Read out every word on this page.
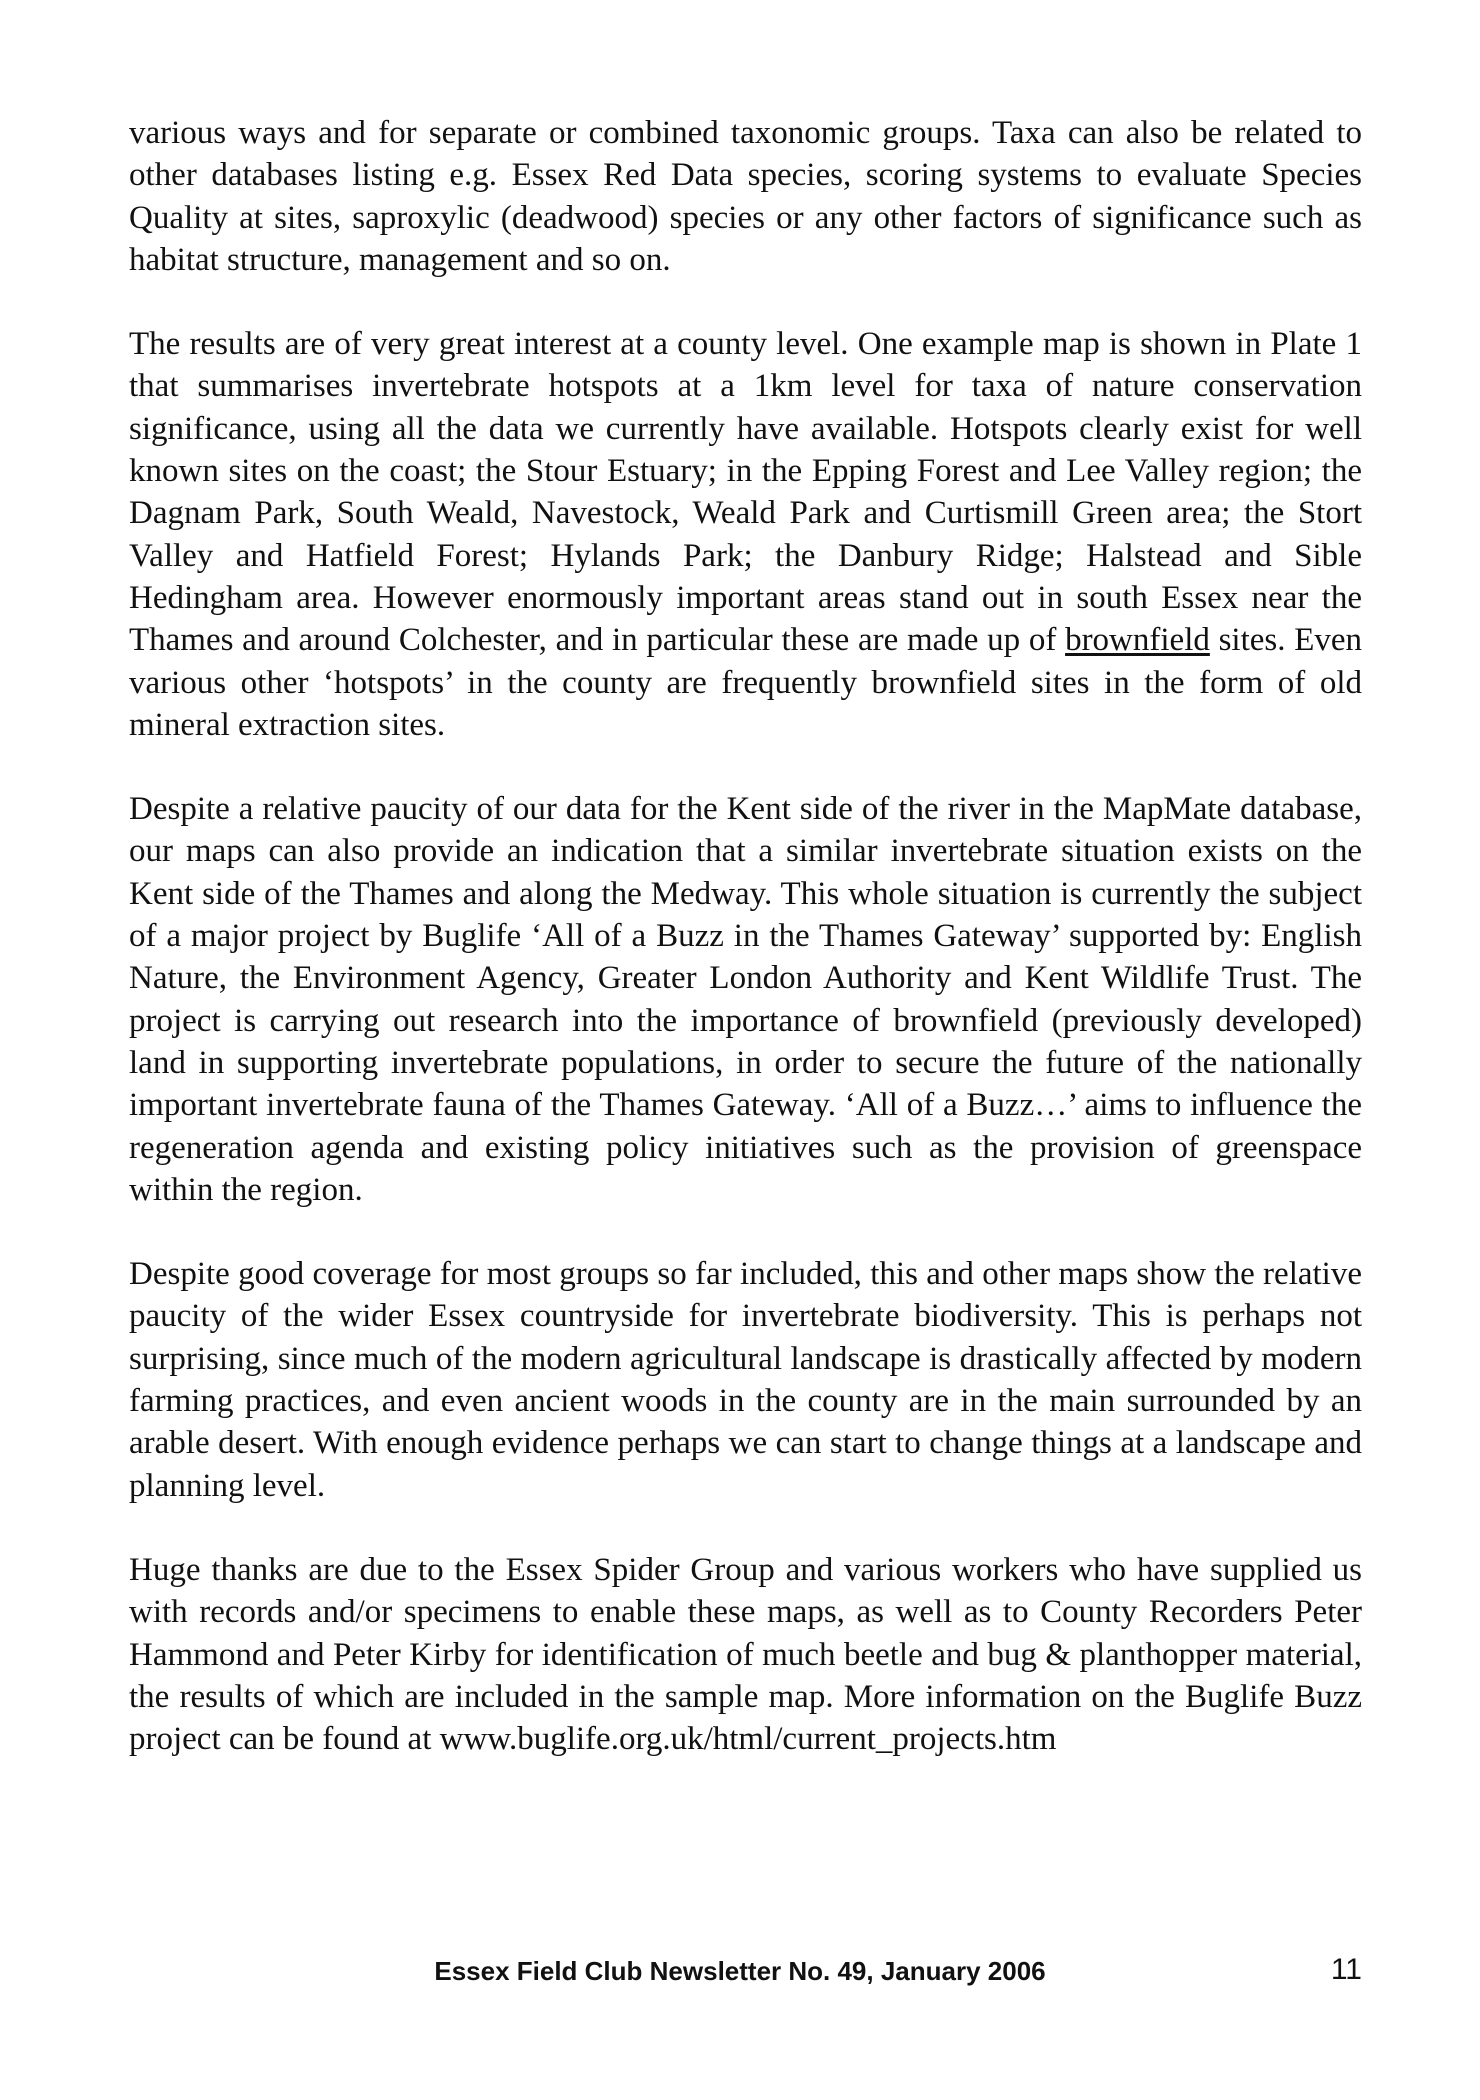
various ways and for separate or combined taxonomic groups. Taxa can also be related to other databases listing e.g. Essex Red Data species, scoring systems to evaluate Species Quality at sites, saproxylic (deadwood) species or any other factors of significance such as habitat structure, management and so on.

The results are of very great interest at a county level. One example map is shown in Plate 1 that summarises invertebrate hotspots at a 1km level for taxa of nature conservation significance, using all the data we currently have available. Hotspots clearly exist for well known sites on the coast; the Stour Estuary; in the Epping Forest and Lee Valley region; the Dagnam Park, South Weald, Navestock, Weald Park and Curtismill Green area; the Stort Valley and Hatfield Forest; Hylands Park; the Danbury Ridge; Halstead and Sible Hedingham area. However enormously important areas stand out in south Essex near the Thames and around Colchester, and in particular these are made up of brownfield sites. Even various other ‘hotspots’ in the county are frequently brownfield sites in the form of old mineral extraction sites.

Despite a relative paucity of our data for the Kent side of the river in the MapMate database, our maps can also provide an indication that a similar invertebrate situation exists on the Kent side of the Thames and along the Medway. This whole situation is currently the subject of a major project by Buglife ‘All of a Buzz in the Thames Gateway’ supported by: English Nature, the Environment Agency, Greater London Authority and Kent Wildlife Trust. The project is carrying out research into the importance of brownfield (previously developed) land in supporting invertebrate populations, in order to secure the future of the nationally important invertebrate fauna of the Thames Gateway. ‘All of a Buzz…’ aims to influence the regeneration agenda and existing policy initiatives such as the provision of greenspace within the region.

Despite good coverage for most groups so far included, this and other maps show the relative paucity of the wider Essex countryside for invertebrate biodiversity. This is perhaps not surprising, since much of the modern agricultural landscape is drastically affected by modern farming practices, and even ancient woods in the county are in the main surrounded by an arable desert. With enough evidence perhaps we can start to change things at a landscape and planning level.

Huge thanks are due to the Essex Spider Group and various workers who have supplied us with records and/or specimens to enable these maps, as well as to County Recorders Peter Hammond and Peter Kirby for identification of much beetle and bug & planthopper material, the results of which are included in the sample map. More information on the Buglife Buzz project can be found at www.buglife.org.uk/html/current_projects.htm

Essex Field Club Newsletter No. 49, January 2006	11
